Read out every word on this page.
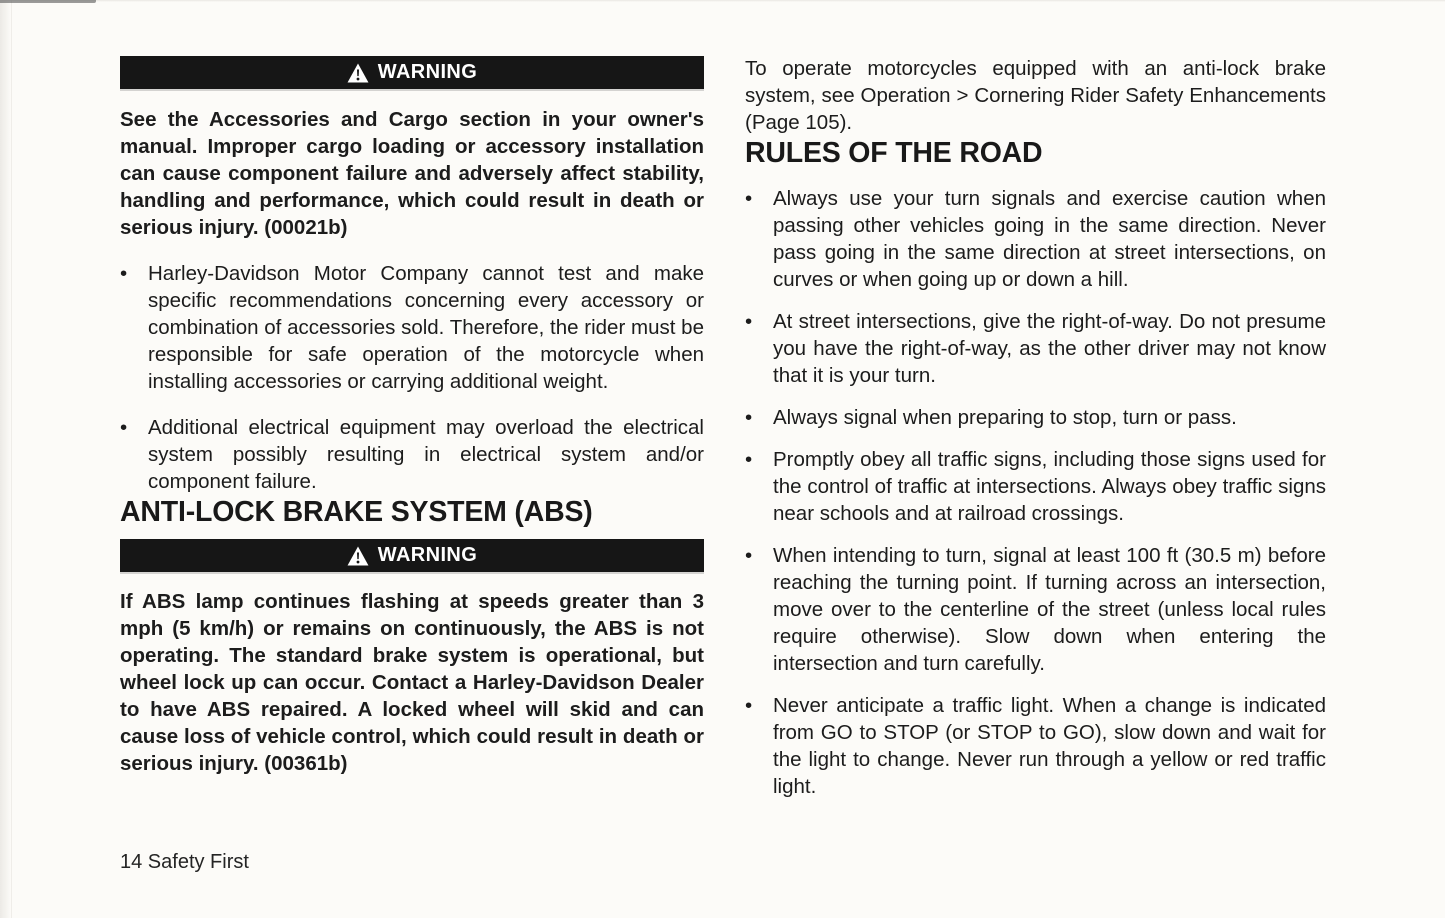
WARNING

See the Accessories and Cargo section in your owner's manual. Improper cargo loading or accessory installation can cause component failure and adversely affect stability, handling and performance, which could result in death or serious injury. (00021b)

•	Harley-Davidson Motor Company cannot test and make specific recommendations concerning every accessory or combination of accessories sold. Therefore, the rider must be responsible for safe operation of the motorcycle when installing accessories or carrying additional weight.
•	Additional electrical equipment may overload the electrical system possibly resulting in electrical system and/or component failure.
ANTI-LOCK BRAKE SYSTEM (ABS)
WARNING

If ABS lamp continues flashing at speeds greater than 3 mph (5 km/h) or remains on continuously, the ABS is not operating. The standard brake system is operational, but wheel lock up can occur. Contact a Harley-Davidson Dealer to have ABS repaired. A locked wheel will skid and can cause loss of vehicle control, which could result in death or serious injury. (00361b)

To operate motorcycles equipped with an anti-lock brake system, see Operation > Cornering Rider Safety Enhancements (Page 105).

RULES OF THE ROAD
•	Always use your turn signals and exercise caution when passing other vehicles going in the same direction. Never pass going in the same direction at street intersections, on curves or when going up or down a hill.
•	At street intersections, give the right-of-way. Do not presume you have the right-of-way, as the other driver may not know that it is your turn.
•	Always signal when preparing to stop, turn or pass.
•	Promptly obey all traffic signs, including those signs used for the control of traffic at intersections. Always obey traffic signs near schools and at railroad crossings.
•	When intending to turn, signal at least 100 ft (30.5 m) before reaching the turning point. If turning across an intersection, move over to the centerline of the street (unless local rules require otherwise). Slow down when entering the intersection and turn carefully.
•	Never anticipate a traffic light. When a change is indicated from GO to STOP (or STOP to GO), slow down and wait for the light to change. Never run through a yellow or red traffic light.
14 Safety First
